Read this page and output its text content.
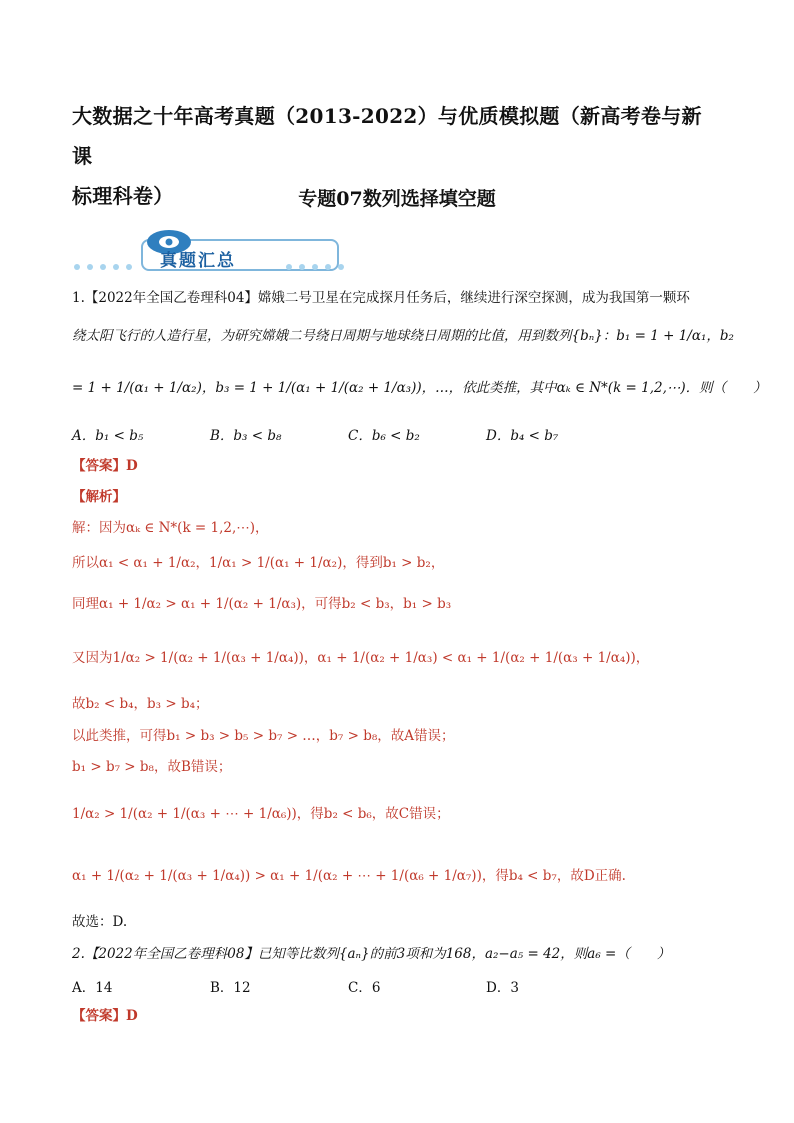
大数据之十年高考真题（2013-2022）与优质模拟题（新高考卷与新课
标理科卷）	专题07数列选择填空题
真题汇总
1.【2022年全国乙卷理科04】嫦娥二号卫星在完成探月任务后，继续进行深空探测，成为我国第一颗环
绕太阳飞行的人造行星，为研究嫦娥二号绕日周期与地球绕日周期的比值，用到数列{bₙ}：b₁ = 1 + 1/α₁，b₂
= 1 + 1/(α₁ + 1/α₂)，b₃ = 1 + 1/(α₁ + 1/(α₂ + 1/α₃))，…，依此类推，其中αₖ ∈ N*(k = 1,2,⋯)．则（　　）
A．b₁ < b₅	B．b₃ < b₈	C．b₆ < b₂	D．b₄ < b₇
【答案】D
【解析】
解：因为αₖ ∈ N*(k = 1,2,⋯)，
所以α₁ < α₁ + 1/α₂，1/α₁ > 1/(α₁ + 1/α₂)，得到b₁ > b₂，
同理α₁ + 1/α₂ > α₁ + 1/(α₂ + 1/α₃)，可得b₂ < b₃，b₁ > b₃
又因为1/α₂ > 1/(α₂ + 1/(α₃ + 1/α₄))，α₁ + 1/(α₂ + 1/α₃) < α₁ + 1/(α₂ + 1/(α₃ + 1/α₄))，
故b₂ < b₄，b₃ > b₄；
以此类推，可得b₁ > b₃ > b₅ > b₇ > …，b₇ > b₈，故A错误；
b₁ > b₇ > b₈，故B错误；
1/α₂ > 1/(α₂ + 1/(α₃ + ⋯ + 1/α₆))，得b₂ < b₆，故C错误；
α₁ + 1/(α₂ + 1/(α₃ + 1/α₄)) > α₁ + 1/(α₂ + ⋯ + 1/(α₆ + 1/α₇))，得b₄ < b₇，故D正确.
故选：D.
2.【2022年全国乙卷理科08】已知等比数列{aₙ}的前3项和为168，a₂−a₅ = 42，则a₆ =（　　）
A．14	B．12	C．6	D．3
【答案】D
